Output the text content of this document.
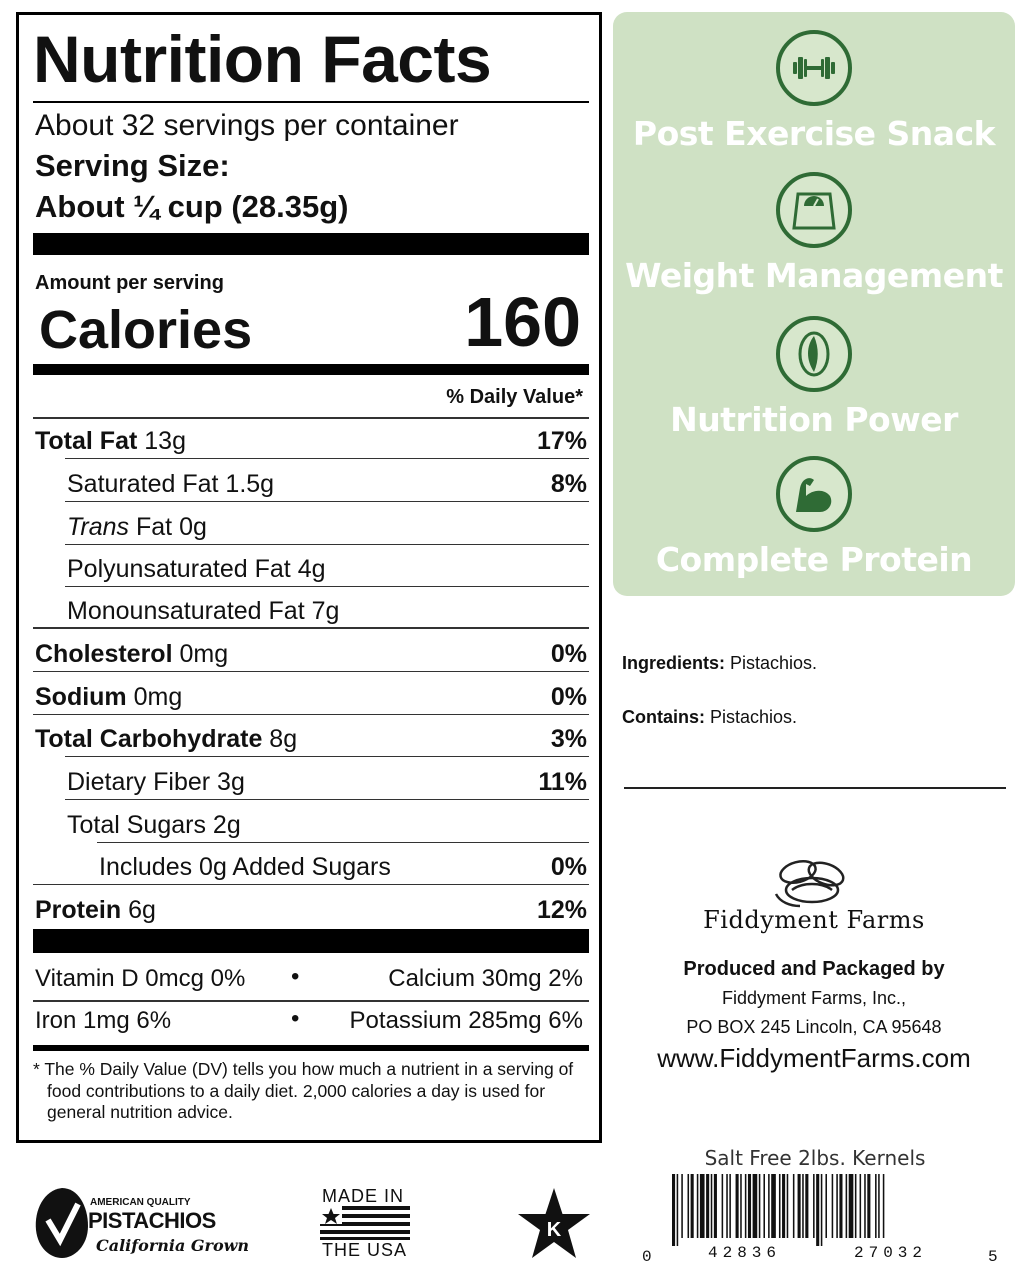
Nutrition Facts
About 32 servings per container
Serving Size:
About ¼ cup (28.35g)
Amount per serving
Calories	160
% Daily Value*
Total Fat 13g	17%
Saturated Fat 1.5g	8%
Trans Fat 0g
Polyunsaturated Fat 4g
Monounsaturated Fat 7g
Cholesterol 0mg	0%
Sodium 0mg	0%
Total Carbohydrate 8g	3%
Dietary Fiber 3g	11%
Total Sugars 2g
Includes 0g Added Sugars	0%
Protein 6g	12%
Vitamin D 0mcg 0% •	Calcium 30mg 2%
Iron 1mg 6%	• Potassium 285mg 6%
* The % Daily Value (DV) tells you how much a nutrient in a serving of food contributions to a daily diet. 2,000 calories a day is used for general nutrition advice.
Post Exercise Snack
Weight Management
Nutrition Power
Complete Protein
Ingredients: Pistachios.
Contains: Pistachios.
Fiddyment Farms
Produced and Packaged by
Fiddyment Farms, Inc.,
PO BOX 245 Lincoln, CA 95648
www.FiddymentFarms.com
Salt Free 2lbs. Kernels
0	42836	27032	5
AMERICAN QUALITY
PISTACHIOS
California Grown
MADE IN
THE USA
K
